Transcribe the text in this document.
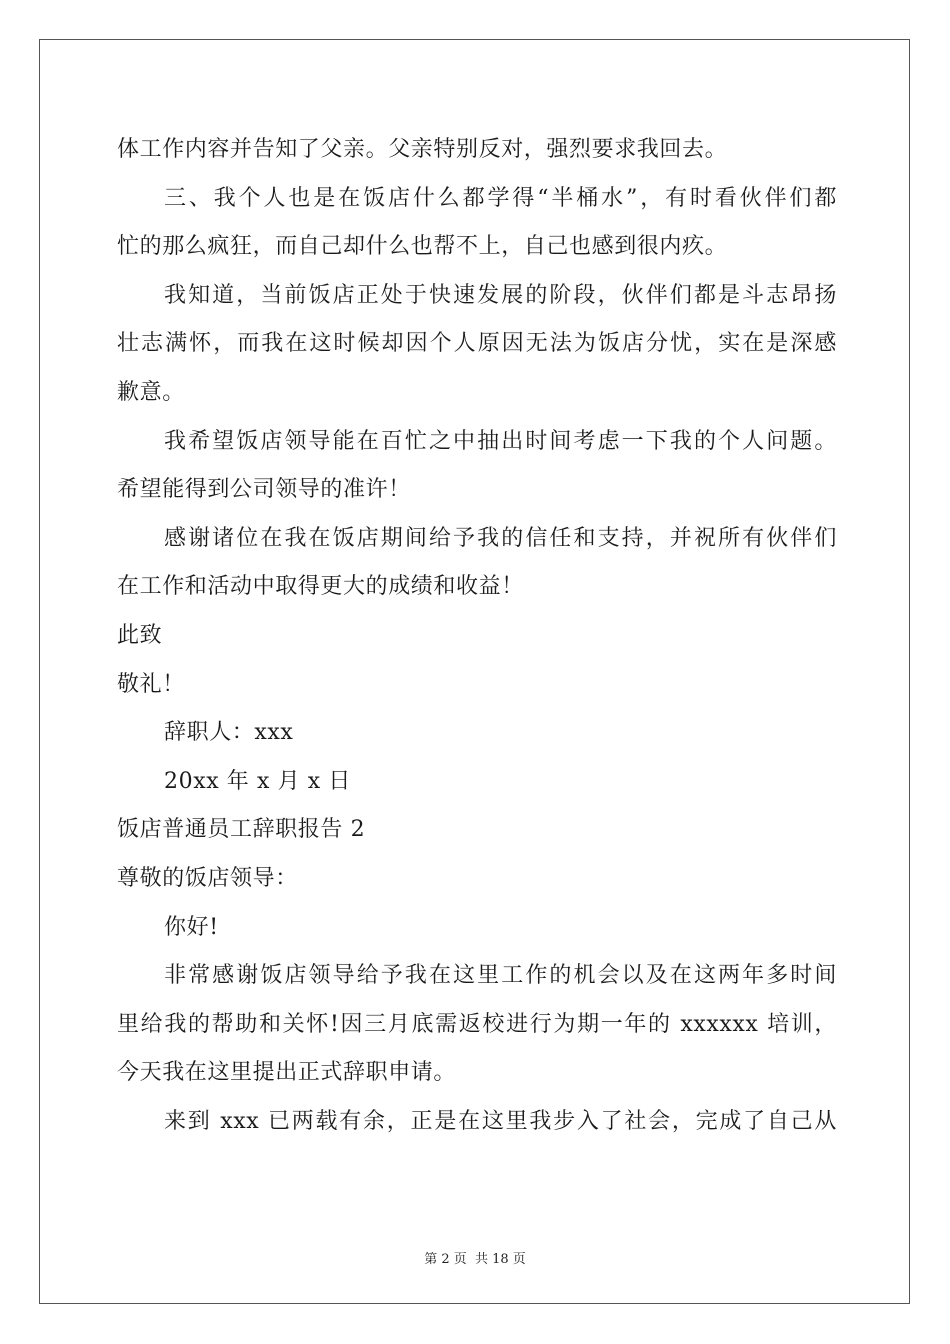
体工作内容并告知了父亲。父亲特别反对，强烈要求我回去。
三、我个人也是在饭店什么都学得“半桶水”，有时看伙伴们都
忙的那么疯狂，而自己却什么也帮不上，自己也感到很内疚。
我知道，当前饭店正处于快速发展的阶段，伙伴们都是斗志昂扬
壮志满怀，而我在这时候却因个人原因无法为饭店分忧，实在是深感
歉意。
我希望饭店领导能在百忙之中抽出时间考虑一下我的个人问题。
希望能得到公司领导的准许！
感谢诸位在我在饭店期间给予我的信任和支持，并祝所有伙伴们
在工作和活动中取得更大的成绩和收益！
此致
敬礼！
辞职人：xxx
20xx 年 x 月 x 日
饭店普通员工辞职报告 2
尊敬的饭店领导：
你好!
非常感谢饭店领导给予我在这里工作的机会以及在这两年多时间
里给我的帮助和关怀!因三月底需返校进行为期一年的 xxxxxx 培训，
今天我在这里提出正式辞职申请。
来到 xxx 已两载有余，正是在这里我步入了社会，完成了自己从
第 2 页 共 18 页
